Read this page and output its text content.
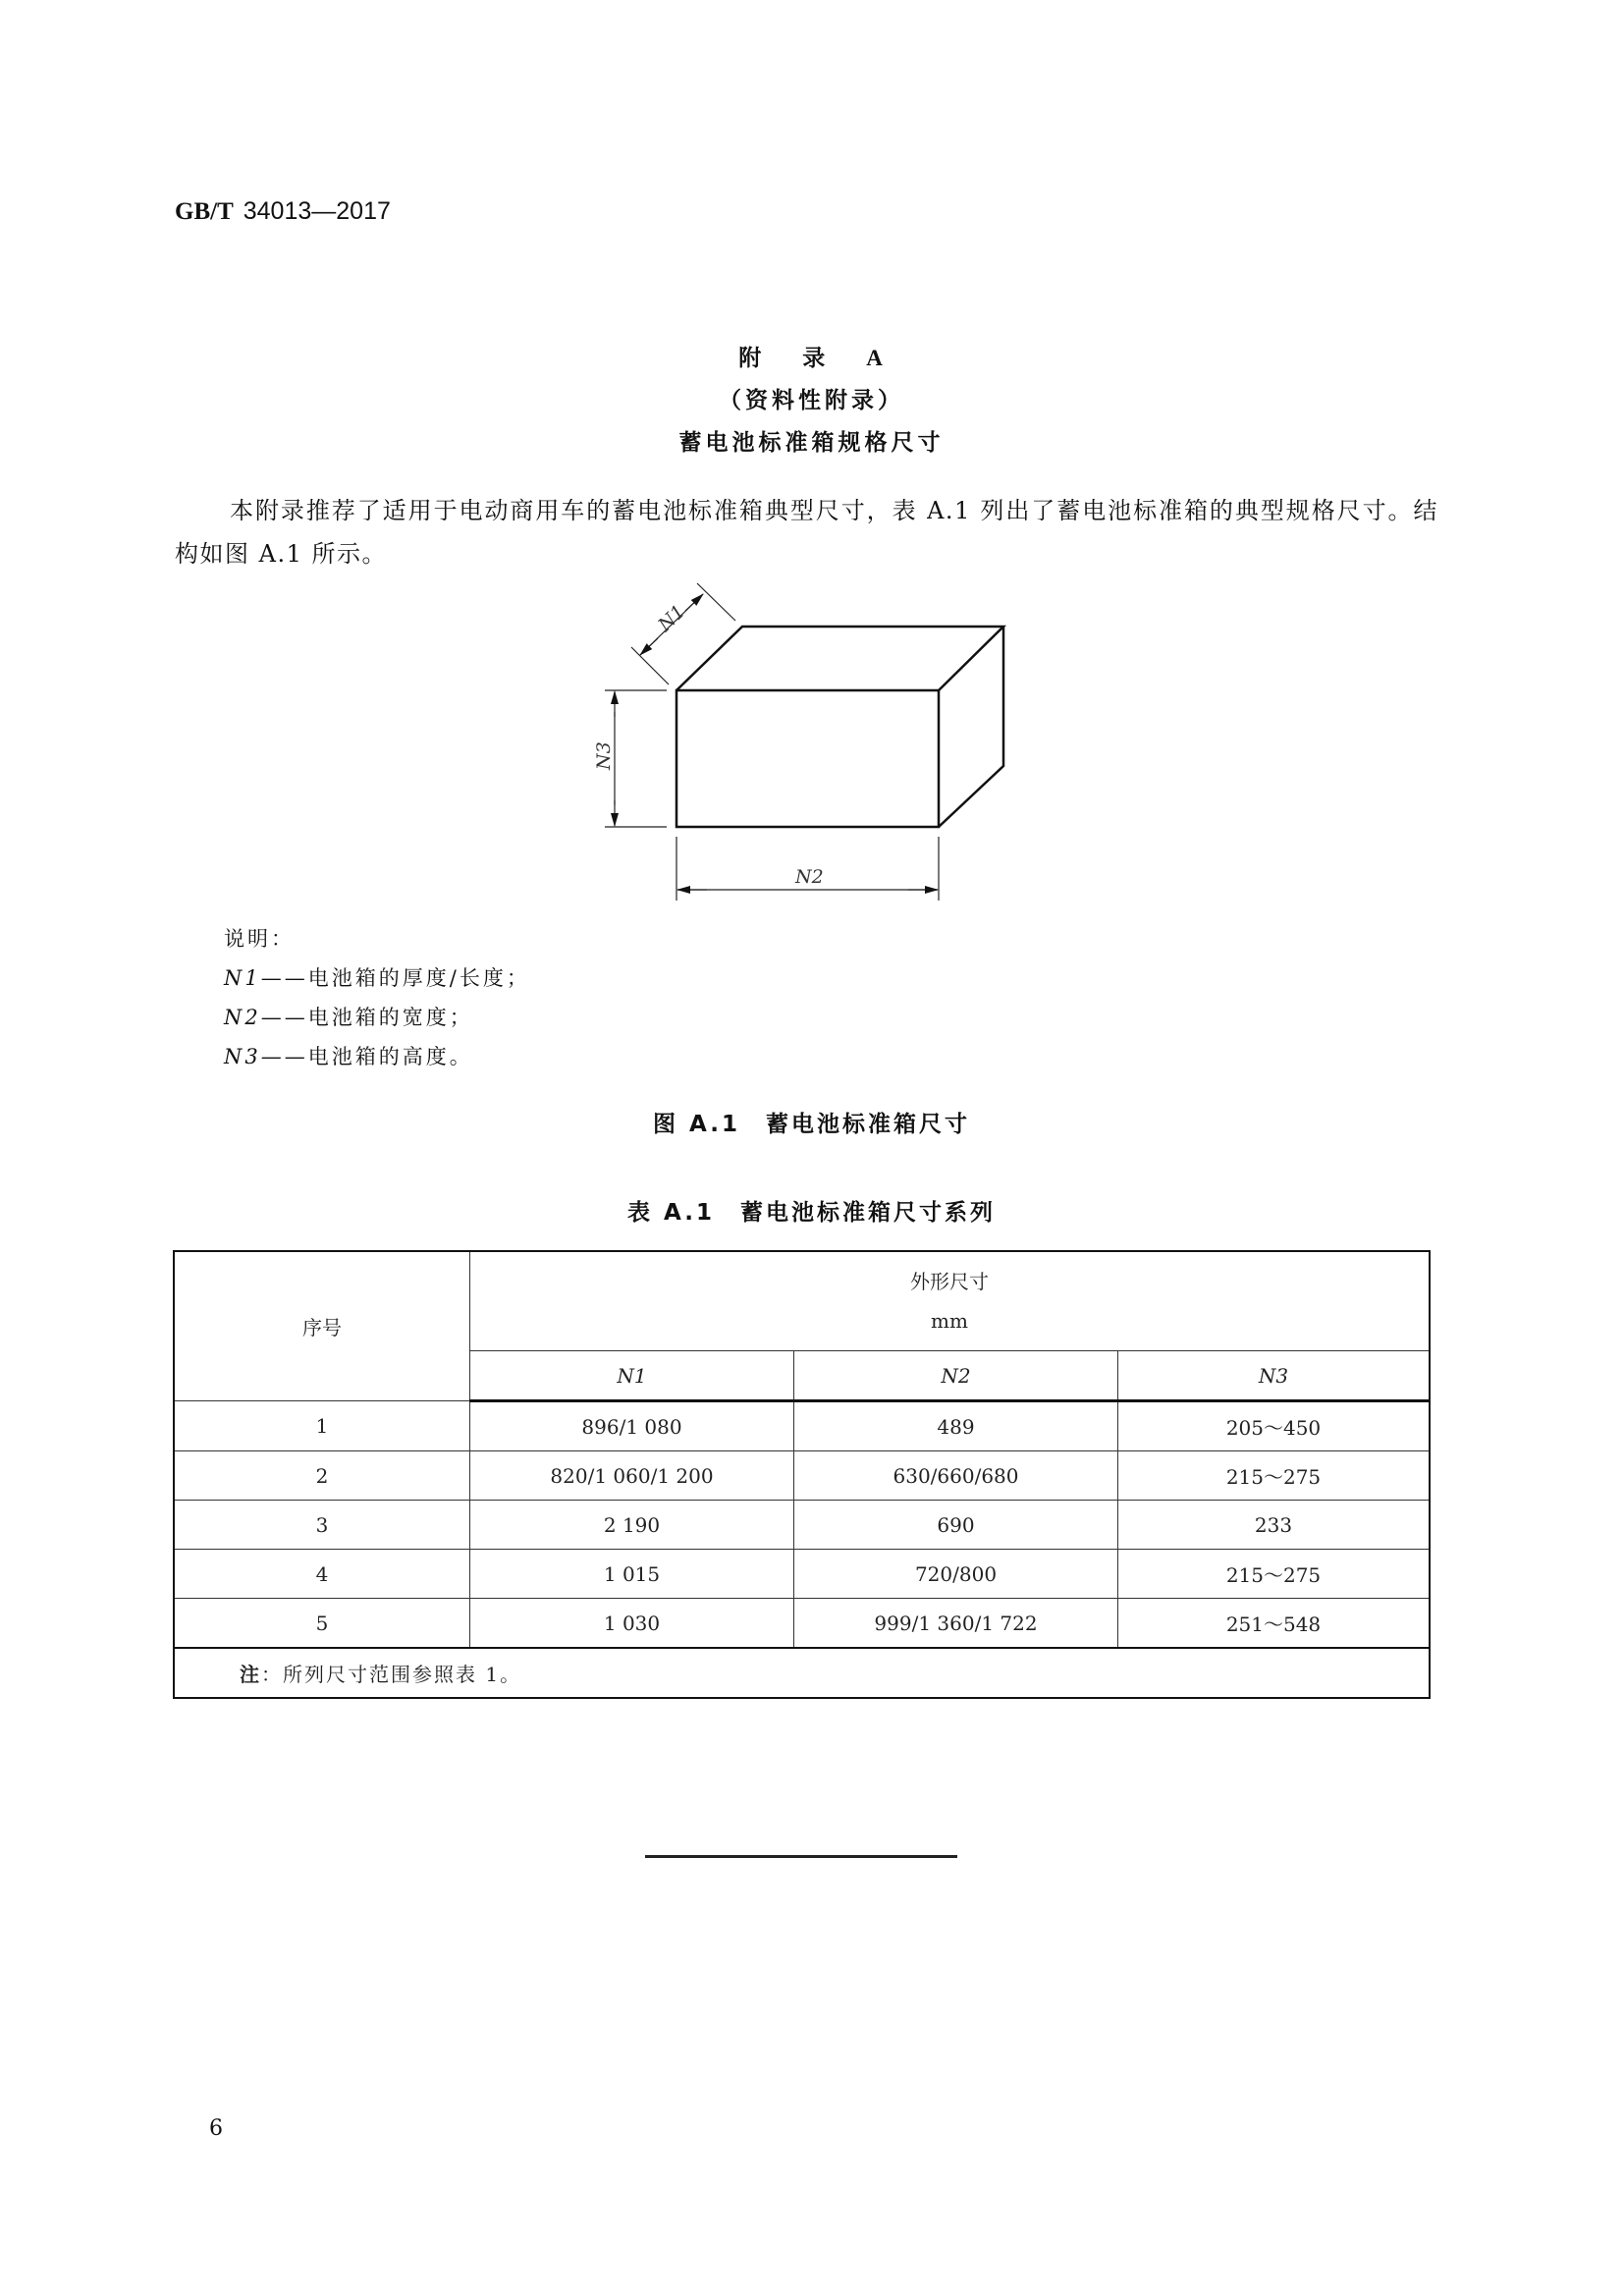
GB/T 34013—2017
附 录 A
（资料性附录）
蓄电池标准箱规格尺寸
本附录推荐了适用于电动商用车的蓄电池标准箱典型尺寸，表 A.1 列出了蓄电池标准箱的典型规格尺寸。结构如图 A.1 所示。
N1
N3
N2
说明：
N1——电池箱的厚度/长度；
N2——电池箱的宽度；
N3——电池箱的高度。
图 A.1　蓄电池标准箱尺寸
表 A.1　蓄电池标准箱尺寸系列
序号	外形尺寸
mm		

	N1	N2	N3
1	896/1 080	489	205～450
2	820/1 060/1 200	630/660/680	215～275
3	2 190	690	233
4	1 015	720/800	215～275
5	1 030	999/1 360/1 722	251～548
注：所列尺寸范围参照表 1。			
6
